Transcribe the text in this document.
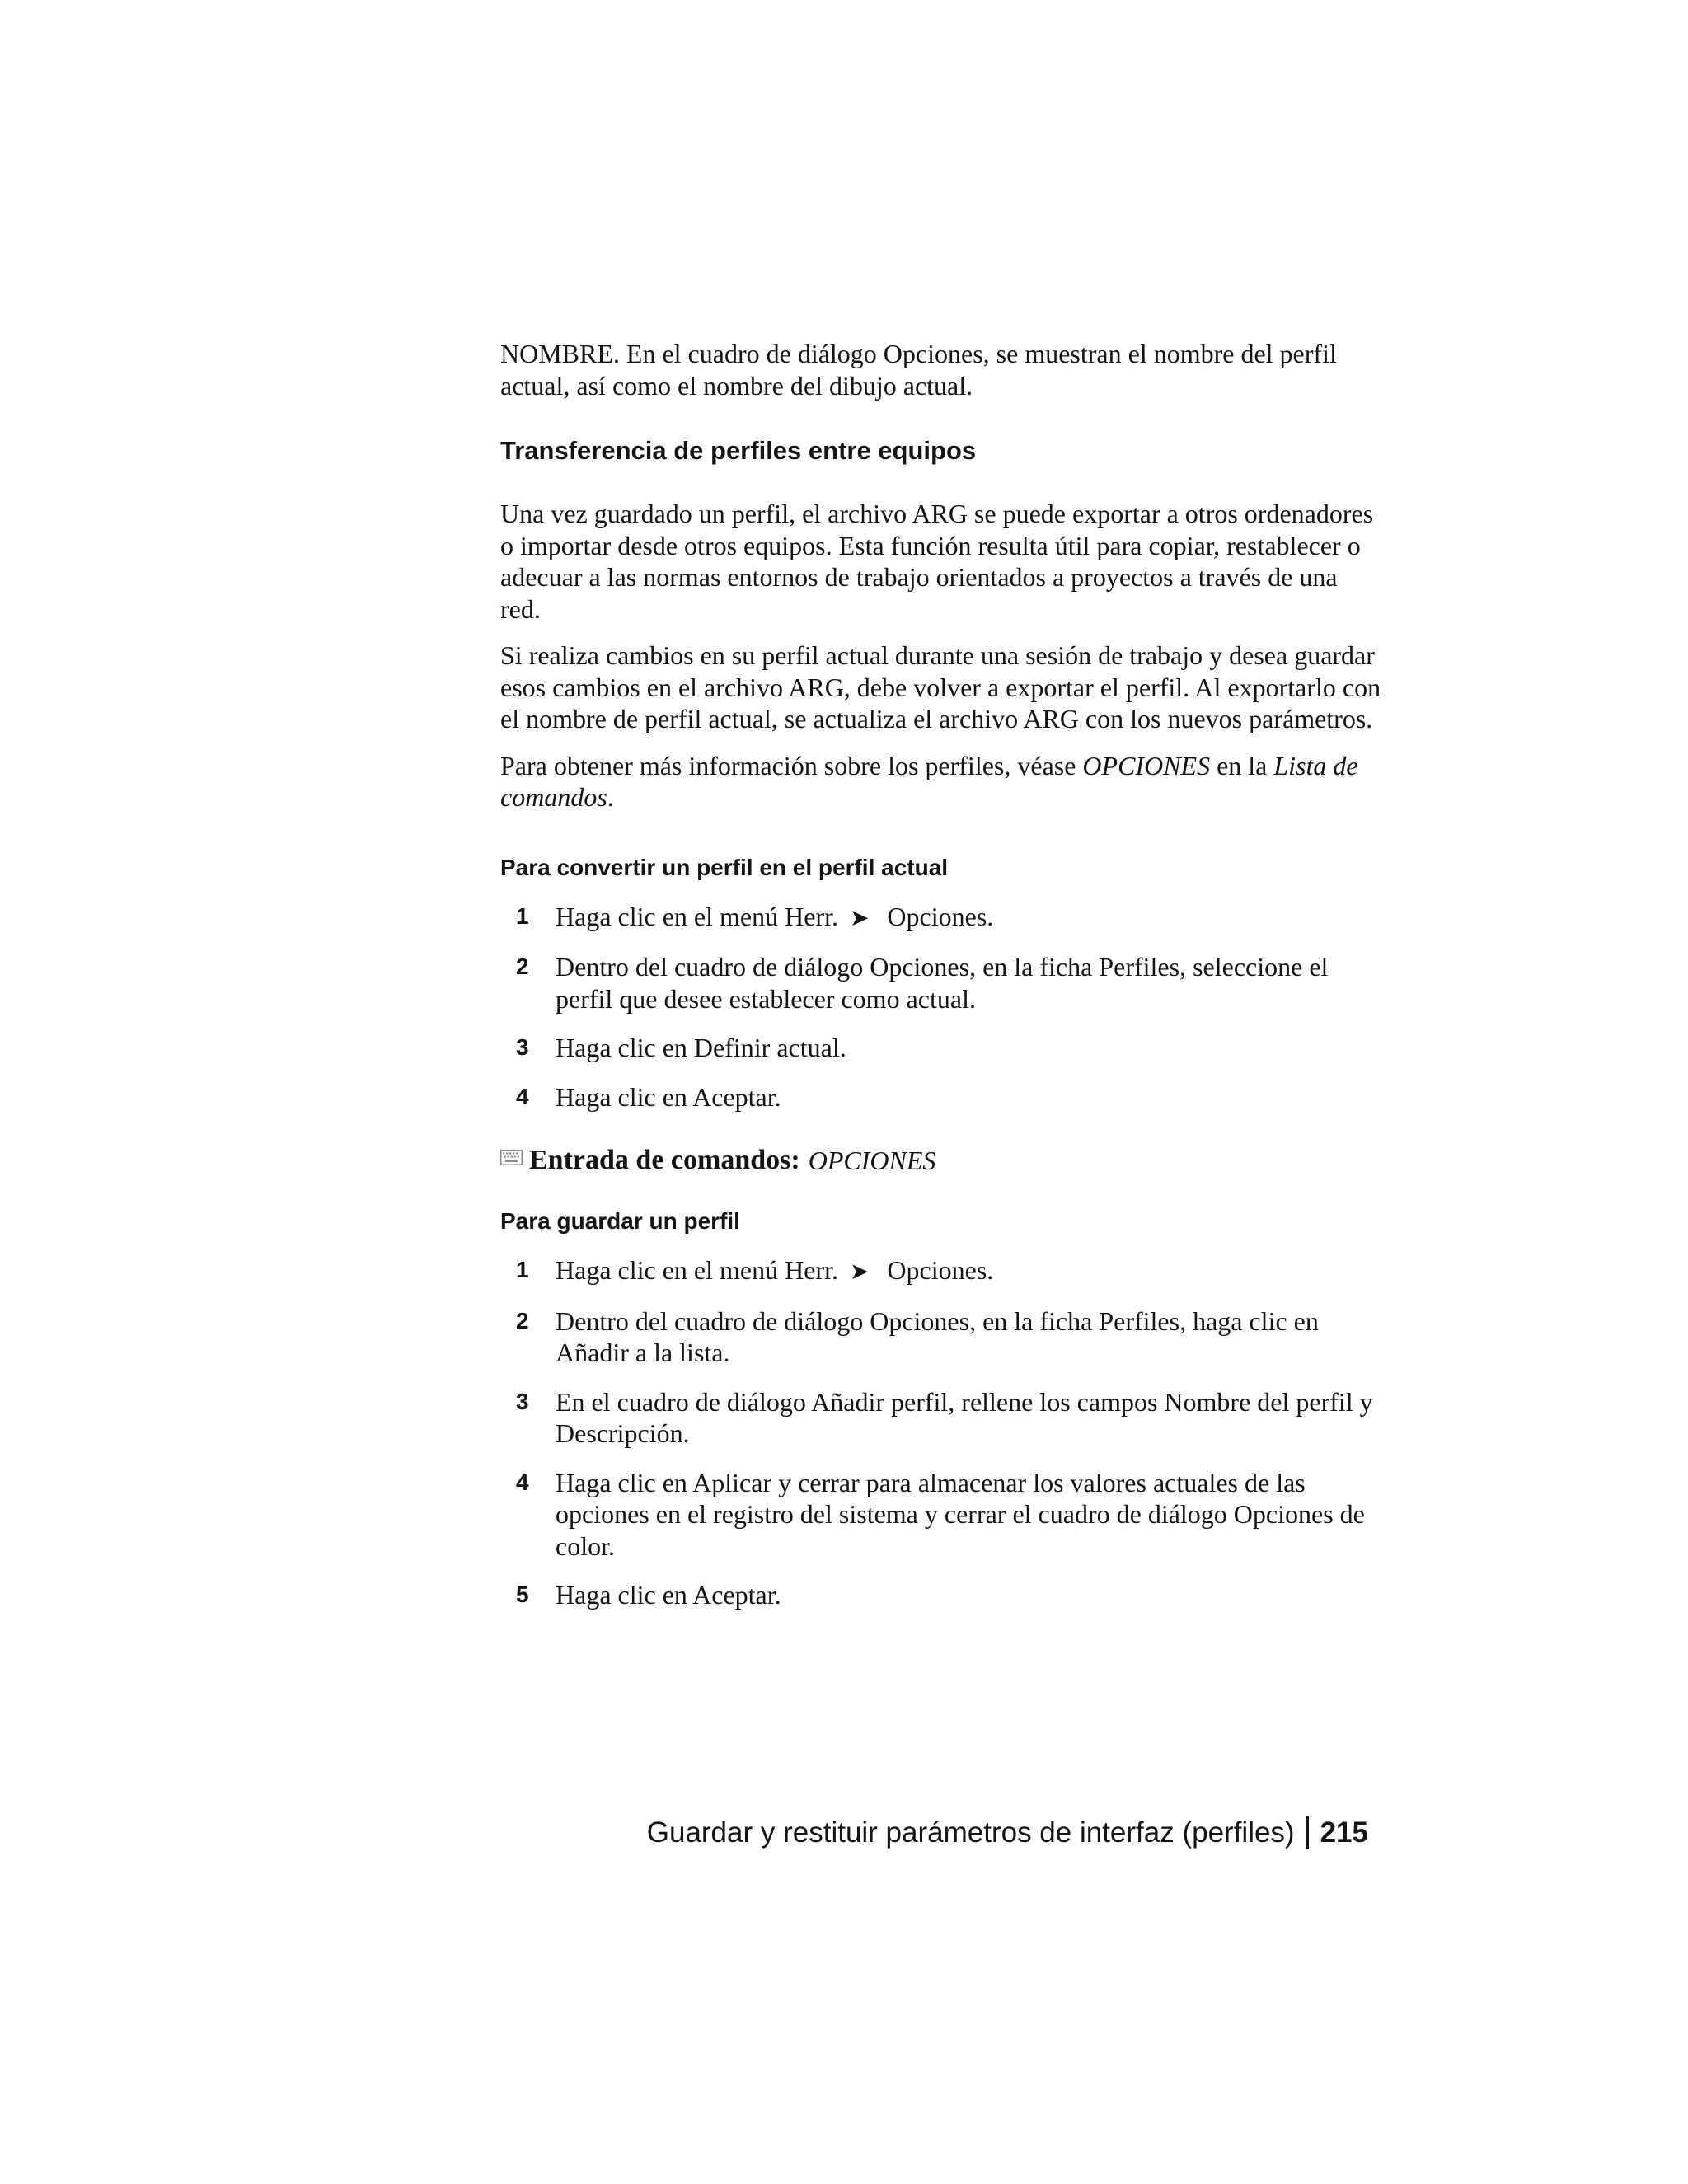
NOMBRE. En el cuadro de diálogo Opciones, se muestran el nombre del perfil actual, así como el nombre del dibujo actual.

Transferencia de perfiles entre equipos

Una vez guardado un perfil, el archivo ARG se puede exportar a otros ordenadores o importar desde otros equipos. Esta función resulta útil para copiar, restablecer o adecuar a las normas entornos de trabajo orientados a proyectos a través de una red.

Si realiza cambios en su perfil actual durante una sesión de trabajo y desea guardar esos cambios en el archivo ARG, debe volver a exportar el perfil. Al exportarlo con el nombre de perfil actual, se actualiza el archivo ARG con los nuevos parámetros.

Para obtener más información sobre los perfiles, véase OPCIONES en la Lista de comandos.

Para convertir un perfil en el perfil actual
1 Haga clic en el menú Herr. ➤ Opciones.
2 Dentro del cuadro de diálogo Opciones, en la ficha Perfiles, seleccione el perfil que desee establecer como actual.
3 Haga clic en Definir actual.
4 Haga clic en Aceptar.
Entrada de comandos: OPCIONES
Para guardar un perfil
1 Haga clic en el menú Herr. ➤ Opciones.
2 Dentro del cuadro de diálogo Opciones, en la ficha Perfiles, haga clic en Añadir a la lista.
3 En el cuadro de diálogo Añadir perfil, rellene los campos Nombre del perfil y Descripción.
4 Haga clic en Aplicar y cerrar para almacenar los valores actuales de las opciones en el registro del sistema y cerrar el cuadro de diálogo Opciones de color.
5 Haga clic en Aceptar.
Guardar y restituir parámetros de interfaz (perfiles) 215
